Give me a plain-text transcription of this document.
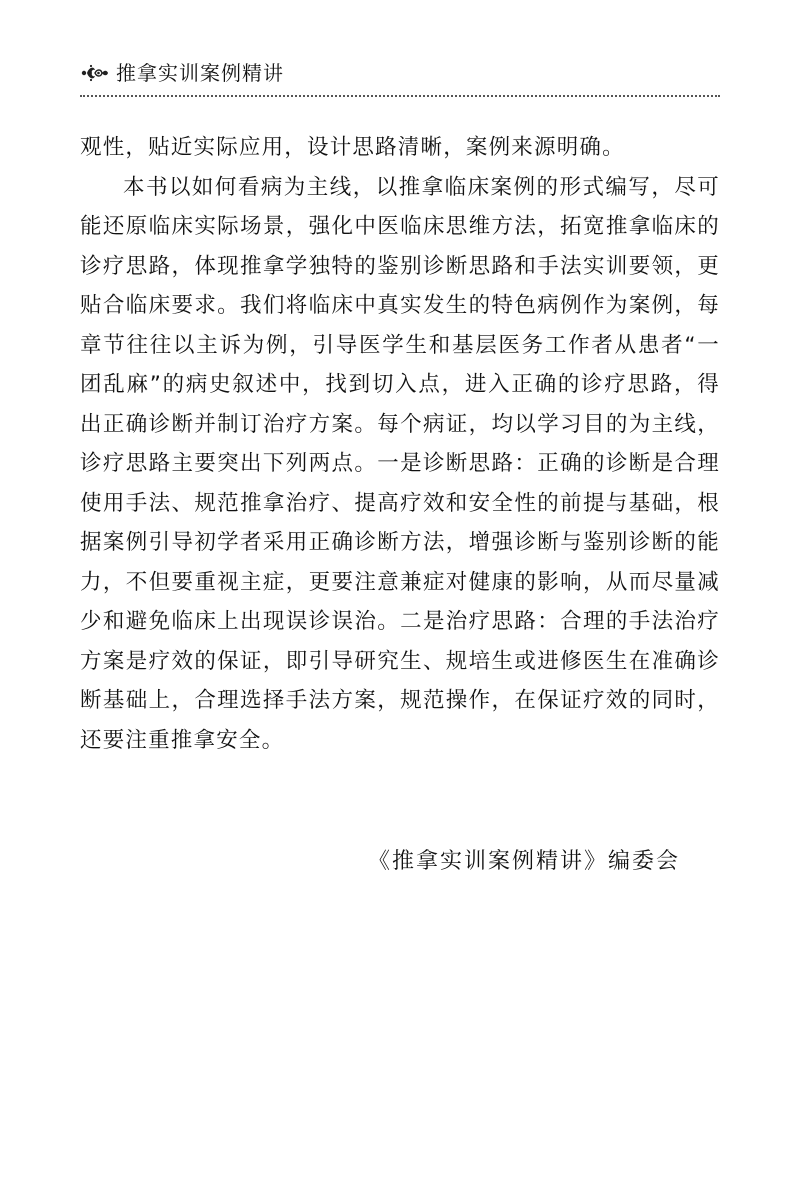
推拿实训案例精讲

观性，贴近实际应用，设计思路清晰，案例来源明确。

本书以如何看病为主线，以推拿临床案例的形式编写，尽可能还原临床实际场景，强化中医临床思维方法，拓宽推拿临床的诊疗思路，体现推拿学独特的鉴别诊断思路和手法实训要领，更贴合临床要求。我们将临床中真实发生的特色病例作为案例，每章节往往以主诉为例，引导医学生和基层医务工作者从患者“一团乱麻”的病史叙述中，找到切入点，进入正确的诊疗思路，得出正确诊断并制订治疗方案。每个病证，均以学习目的为主线，诊疗思路主要突出下列两点。一是诊断思路：正确的诊断是合理使用手法、规范推拿治疗、提高疗效和安全性的前提与基础，根据案例引导初学者采用正确诊断方法，增强诊断与鉴别诊断的能力，不但要重视主症，更要注意兼症对健康的影响，从而尽量减少和避免临床上出现误诊误治。二是治疗思路：合理的手法治疗方案是疗效的保证，即引导研究生、规培生或进修医生在准确诊断基础上，合理选择手法方案，规范操作，在保证疗效的同时，还要注重推拿安全。

《推拿实训案例精讲》编委会
